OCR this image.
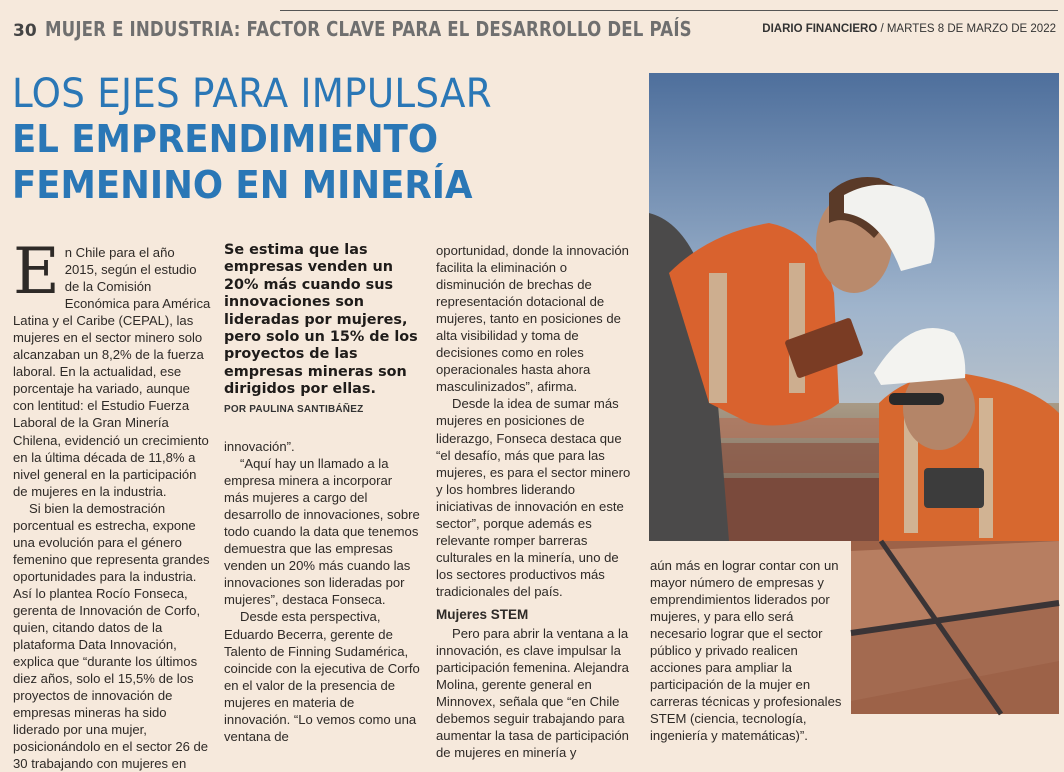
30 MUJER E INDUSTRIA: FACTOR CLAVE PARA EL DESARROLLO DEL PAÍS	DIARIO FINANCIERO / MARTES 8 DE MARZO DE 2022
LOS EJES PARA IMPULSAR
EL EMPRENDIMIENTO
FEMENINO EN MINERÍA

En Chile para el año 2015, según el estudio de la Comisión Económica para América Latina y el Caribe (CEPAL), las mujeres en el sector minero solo alcanzaban un 8,2% de la fuerza laboral. En la actualidad, ese porcentaje ha variado, aunque con lentitud: el Estudio Fuerza Laboral de la Gran Minería Chilena, evidenció un crecimiento en la última década de 11,8% a nivel general en la participación de mujeres en la industria.

Si bien la demostración porcentual es estrecha, expone una evolución para el género femenino que representa grandes oportunidades para la industria. Así lo plantea Rocío Fonseca, gerenta de Innovación de Corfo, quien, citando datos de la plataforma Data Innovación, explica que “durante los últimos diez años, solo el 15,5% de los proyectos de innovación de empresas mineras ha sido liderado por una mujer, posicionándolo en el sector 26 de 30 trabajando con mujeres en

Se estima que las empresas venden un 20% más cuando sus innovaciones son lideradas por mujeres, pero solo un 15% de los proyectos de las empresas mineras son dirigidos por ellas.
POR PAULINA SANTIBÁÑEZ

innovación”.

“Aquí hay un llamado a la empresa minera a incorporar más mujeres a cargo del desarrollo de innovaciones, sobre todo cuando la data que tenemos demuestra que las empresas venden un 20% más cuando las innovaciones son lideradas por mujeres”, destaca Fonseca.

Desde esta perspectiva, Eduardo Becerra, gerente de Talento de Finning Sudamérica, coincide con la ejecutiva de Corfo en el valor de la presencia de mujeres en materia de innovación. “Lo vemos como una ventana de

oportunidad, donde la innovación facilita la eliminación o disminución de brechas de representación dotacional de mujeres, tanto en posiciones de alta visibilidad y toma de decisiones como en roles operacionales hasta ahora masculinizados”, afirma.

Desde la idea de sumar más mujeres en posiciones de liderazgo, Fonseca destaca que “el desafío, más que para las mujeres, es para el sector minero y los hombres liderando iniciativas de innovación en este sector”, porque además es relevante romper barreras culturales en la minería, uno de los sectores productivos más tradicionales del país.

Mujeres STEM

Pero para abrir la ventana a la innovación, es clave impulsar la participación femenina. Alejandra Molina, gerente general en Minnovex, señala que “en Chile debemos seguir trabajando para aumentar la tasa de participación de mujeres en minería y

aún más en lograr contar con un mayor número de empresas y emprendimientos liderados por mujeres, y para ello será necesario lograr que el sector público y privado realicen acciones para ampliar la participación de la mujer en carreras técnicas y profesionales STEM (ciencia, tecnología, ingeniería y matemáticas)”.
